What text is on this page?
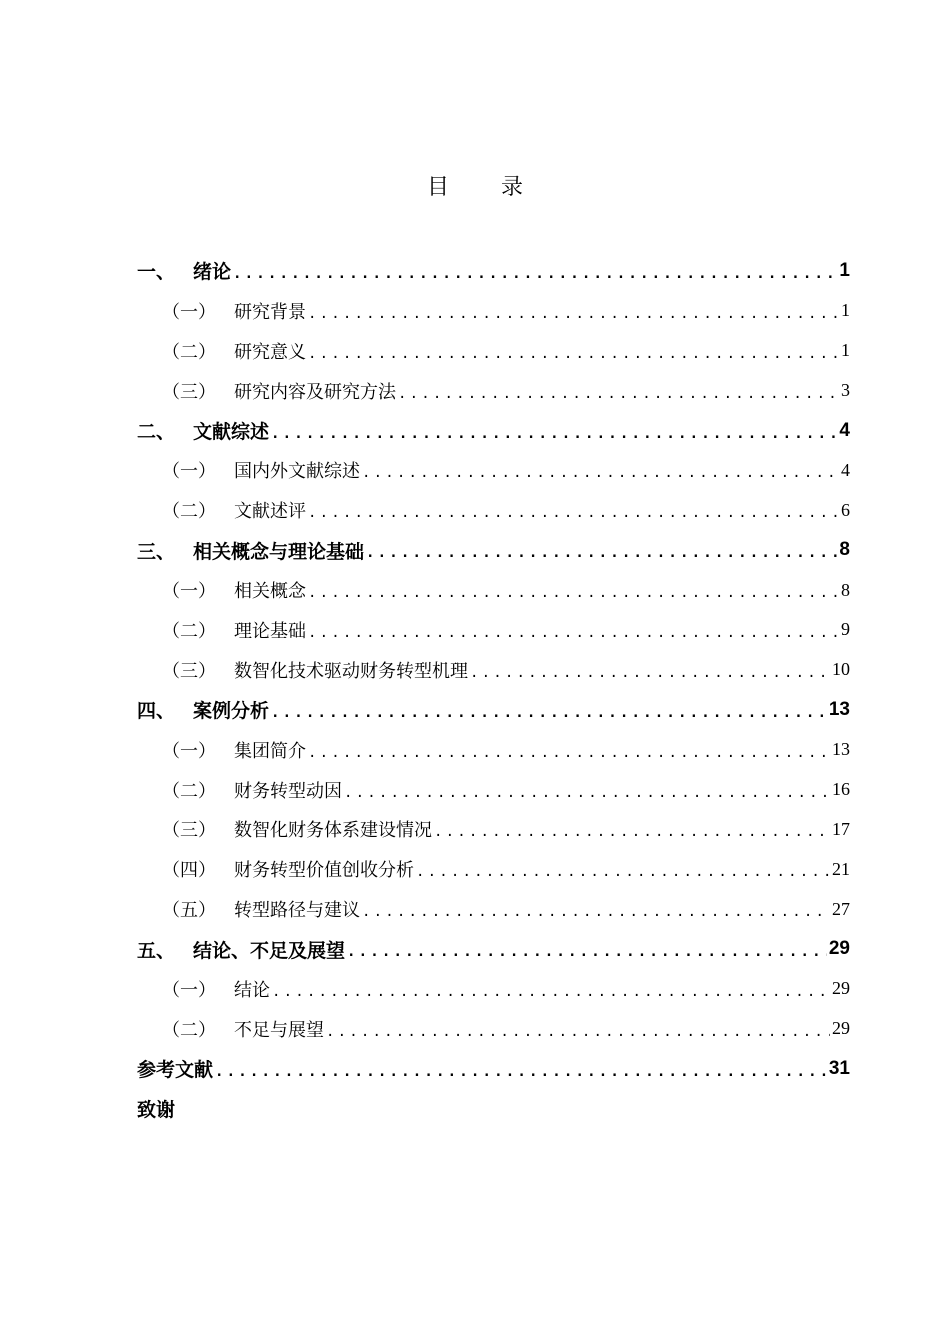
目 录
一、 绪论 .....	1
（一）	研究背景 .....	1
（二）	研究意义 .....	1
（三）	研究内容及研究方法 .....	3
二、 文献综述 .....	4
（一）	国内外文献综述 .....	4
（二）	文献述评 .....	6
三、 相关概念与理论基础 .....	8
（一）	相关概念 .....	8
（二）	理论基础 .....	9
（三）	数智化技术驱动财务转型机理 .....	10
四、 案例分析 .....	13
（一）	集团简介 .....	13
（二）	财务转型动因 .....	16
（三）	数智化财务体系建设情况 .....	17
（四）	财务转型价值创收分析 .....	21
（五）	转型路径与建议 .....	27
五、 结论、不足及展望 .....	29
（一）	结论 .....	29
（二）	不足与展望 .....	29
参考文献 .....	31
致谢
